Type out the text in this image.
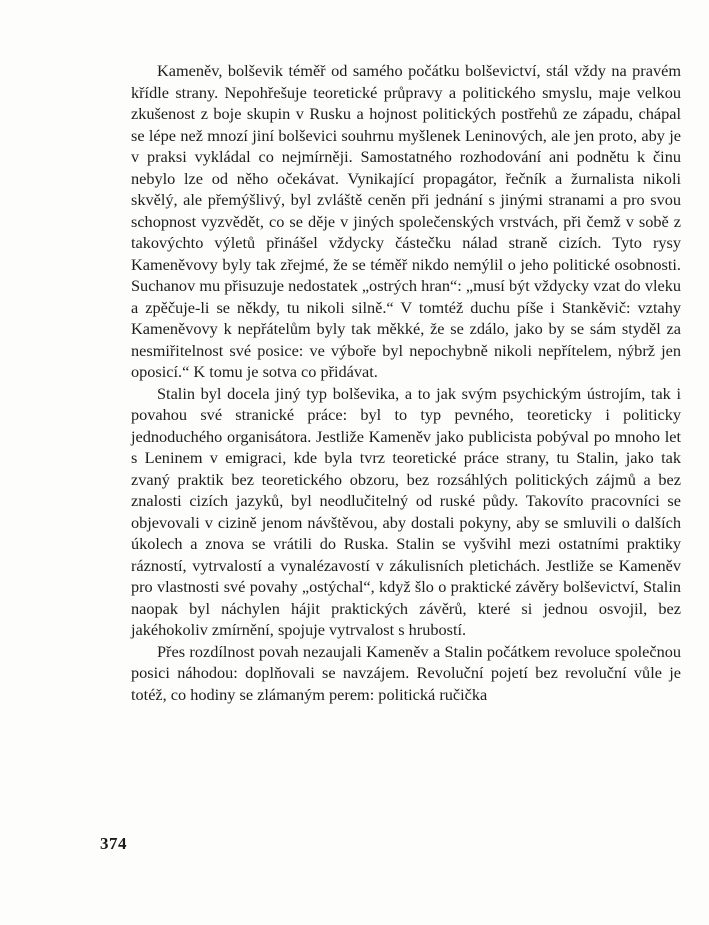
Kameněv, bolševik téměř od samého počátku bolševictví, stál vždy na pravém křídle strany. Nepohřešuje teoretické průpravy a politického smyslu, maje velkou zkušenost z boje skupin v Rusku a hojnost politických postřehů ze západu, chápal se lépe než mnozí jiní bolševici souhrnu myšlenek Leninových, ale jen proto, aby je v praksi vykládal co nejmírněji. Samostatného rozhodování ani podnětu k činu nebylo lze od něho očekávat. Vynikající propagátor, řečník a žurnalista nikoli skvělý, ale přemýšlivý, byl zvláště ceněn při jednání s jinými stranami a pro svou schopnost vyzvědět, co se děje v jiných společenských vrstvách, při čemž v sobě z takovýchto výletů přinášel vždycky částečku nálad straně cizích. Tyto rysy Kameněvovy byly tak zřejmé, že se téměř nikdo nemýlil o jeho politické osobnosti. Suchanov mu přisuzuje nedostatek „ostrých hran“: „musí být vždycky vzat do vleku a zpěčuje-li se někdy, tu nikoli silně.“ V tomtéž duchu píše i Stankěvič: vztahy Kameněvovy k nepřátelům byly tak měkké, že se zdálo, jako by se sám styděl za nesmiřitelnost své posice: ve výboře byl nepochybně nikoli nepřítelem, nýbrž jen oposicí.“ K tomu je sotva co přidávat.

Stalin byl docela jiný typ bolševika, a to jak svým psychickým ústrojím, tak i povahou své stranické práce: byl to typ pevného, teoreticky i politicky jednoduchého organisátora. Jestliže Kameněv jako publicista pobýval po mnoho let s Leninem v emigraci, kde byla tvrz teoretické práce strany, tu Stalin, jako tak zvaný praktik bez teoretického obzoru, bez rozsáhlých politických zájmů a bez znalosti cizích jazyků, byl neodlučitelný od ruské půdy. Takovíto pracovníci se objevovali v cizině jenom návštěvou, aby dostali pokyny, aby se smluvili o dalších úkolech a znova se vrátili do Ruska. Stalin se vyšvihl mezi ostatními praktiky rázností, vytrvalostí a vynalézavostí v zákulisních pletichách. Jestliže se Kameněv pro vlastnosti své povahy „ostýchal“, když šlo o praktické závěry bolševictví, Stalin naopak byl náchylen hájit praktických závěrů, které si jednou osvojil, bez jakéhokoliv zmírnění, spojuje vytrvalost s hrubostí.

Přes rozdílnost povah nezaujali Kameněv a Stalin počátkem revoluce společnou posici náhodou: doplňovali se navzájem. Revoluční pojetí bez revoluční vůle je totéž, co hodiny se zlámaným perem: politická ručička

374
